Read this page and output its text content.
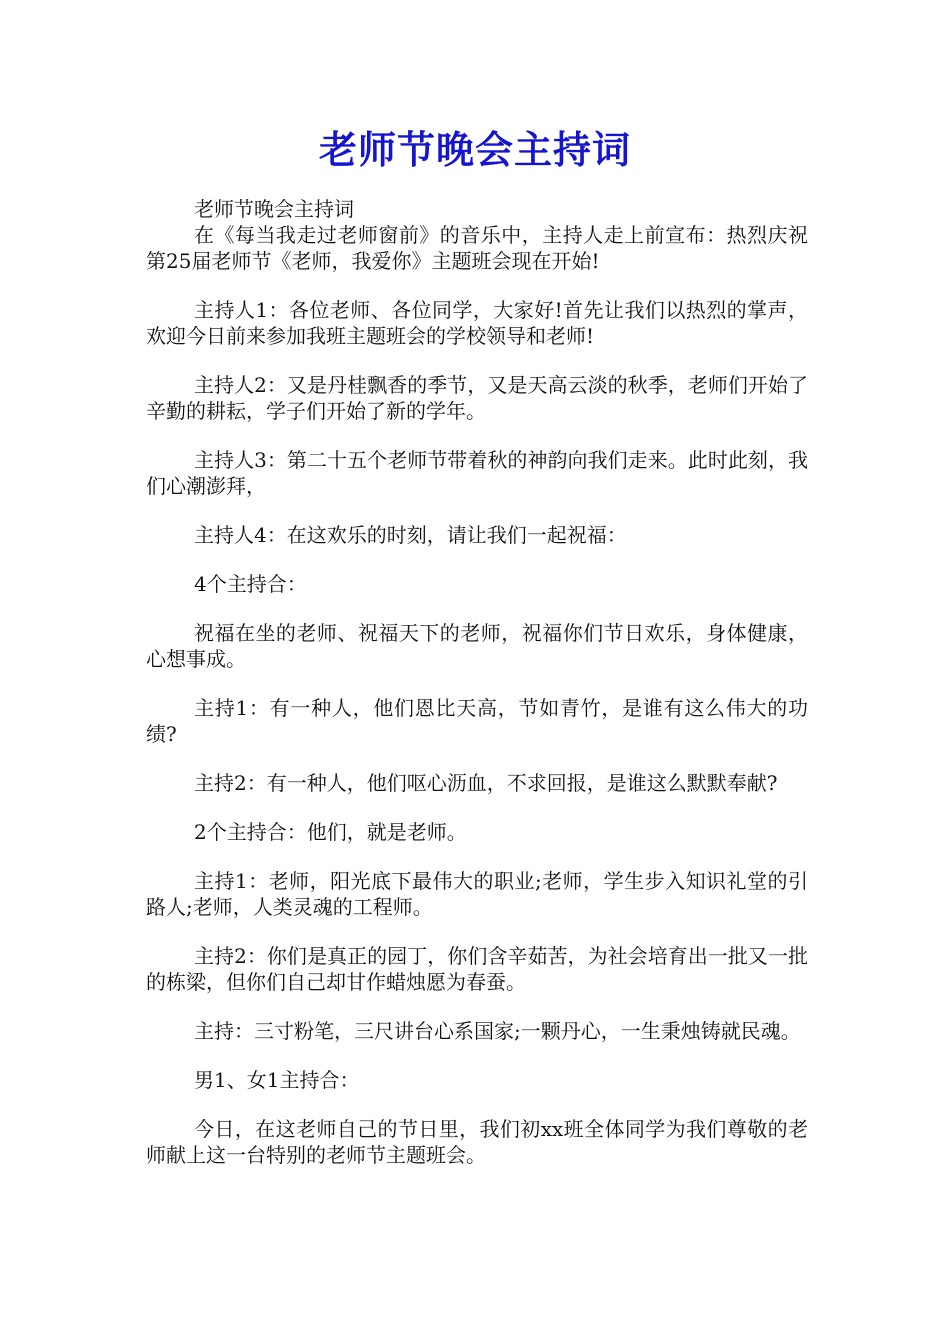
老师节晚会主持词

老师节晚会主持词

在《每当我走过老师窗前》的音乐中，主持人走上前宣布：热烈庆祝第25届老师节《老师，我爱你》主题班会现在开始!

主持人1：各位老师、各位同学，大家好!首先让我们以热烈的掌声，欢迎今日前来参加我班主题班会的学校领导和老师!

主持人2：又是丹桂飘香的季节，又是天高云淡的秋季，老师们开始了辛勤的耕耘，学子们开始了新的学年。

主持人3：第二十五个老师节带着秋的神韵向我们走来。此时此刻，我们心潮澎拜，

主持人4：在这欢乐的时刻，请让我们一起祝福：

4个主持合：

祝福在坐的老师、祝福天下的老师，祝福你们节日欢乐，身体健康，心想事成。

主持1：有一种人，他们恩比天高，节如青竹，是谁有这么伟大的功绩?

主持2：有一种人，他们呕心沥血，不求回报，是谁这么默默奉献?

2个主持合：他们，就是老师。

主持1：老师，阳光底下最伟大的职业;老师，学生步入知识礼堂的引路人;老师，人类灵魂的工程师。

主持2：你们是真正的园丁，你们含辛茹苦，为社会培育出一批又一批的栋梁，但你们自己却甘作蜡烛愿为春蚕。

主持：三寸粉笔，三尺讲台心系国家;一颗丹心，一生秉烛铸就民魂。

男1、女1主持合：

今日，在这老师自己的节日里，我们初xx班全体同学为我们尊敬的老师献上这一台特别的老师节主题班会。
